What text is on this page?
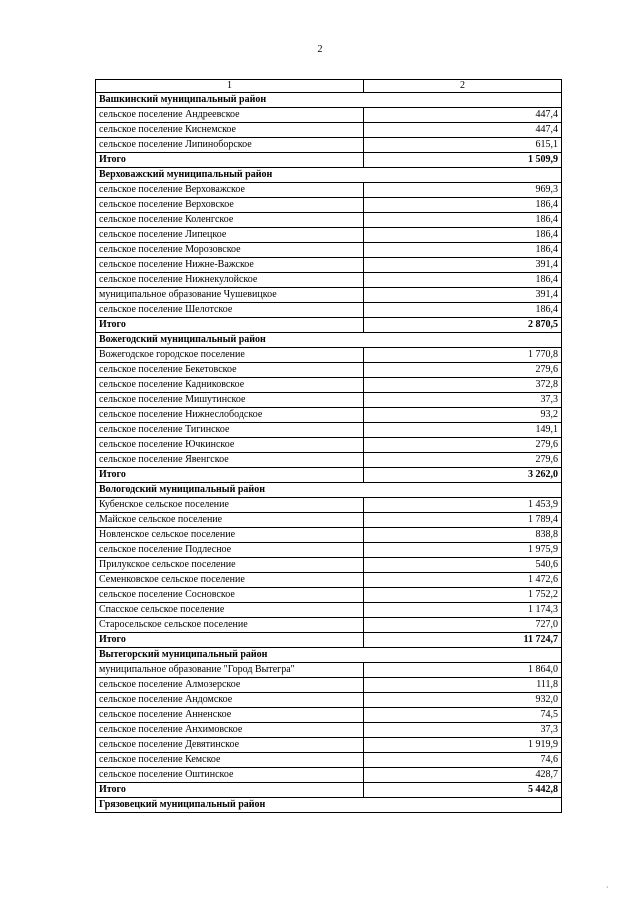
2
1	2
Вашкинский муниципальный район	
сельское поселение Андреевское	447,4
сельское поселение Киснемское	447,4
сельское поселение Липиноборское	615,1
Итого	1 509,9
Верховажский муниципальный район	
сельское поселение Верховажское	969,3
сельское поселение Верховское	186,4
сельское поселение Коленгское	186,4
сельское поселение Липецкое	186,4
сельское поселение Морозовское	186,4
сельское поселение Нижне-Важское	391,4
сельское поселение Нижнекулойское	186,4
муниципальное образование Чушевицкое	391,4
сельское поселение Шелотское	186,4
Итого	2 870,5
Вожегодский муниципальный район	
Вожегодское городское поселение	1 770,8
сельское поселение Бекетовское	279,6
сельское поселение Кадниковское	372,8
сельское поселение Мишутинское	37,3
сельское поселение Нижнеслободское	93,2
сельское поселение Тигинское	149,1
сельское поселение Ючкинское	279,6
сельское поселение Явенгское	279,6
Итого	3 262,0
Вологодский муниципальный район	
Кубенское сельское поселение	1 453,9
Майское сельское поселение	1 789,4
Новленское сельское поселение	838,8
сельское поселение Подлесное	1 975,9
Прилукское сельское поселение	540,6
Семенковское сельское поселение	1 472,6
сельское поселение Сосновское	1 752,2
Спасское сельское поселение	1 174,3
Старосельское сельское поселение	727,0
Итого	11 724,7
Вытегорский муниципальный район	
муниципальное образование "Город Вытегра"	1 864,0
сельское поселение Алмозерское	111,8
сельское поселение Андомское	932,0
сельское поселение Анненское	74,5
сельское поселение Анхимовское	37,3
сельское поселение Девятинское	1 919,9
сельское поселение Кемское	74,6
сельское поселение Оштинское	428,7
Итого	5 442,8
Грязовецкий муниципальный район	
,
